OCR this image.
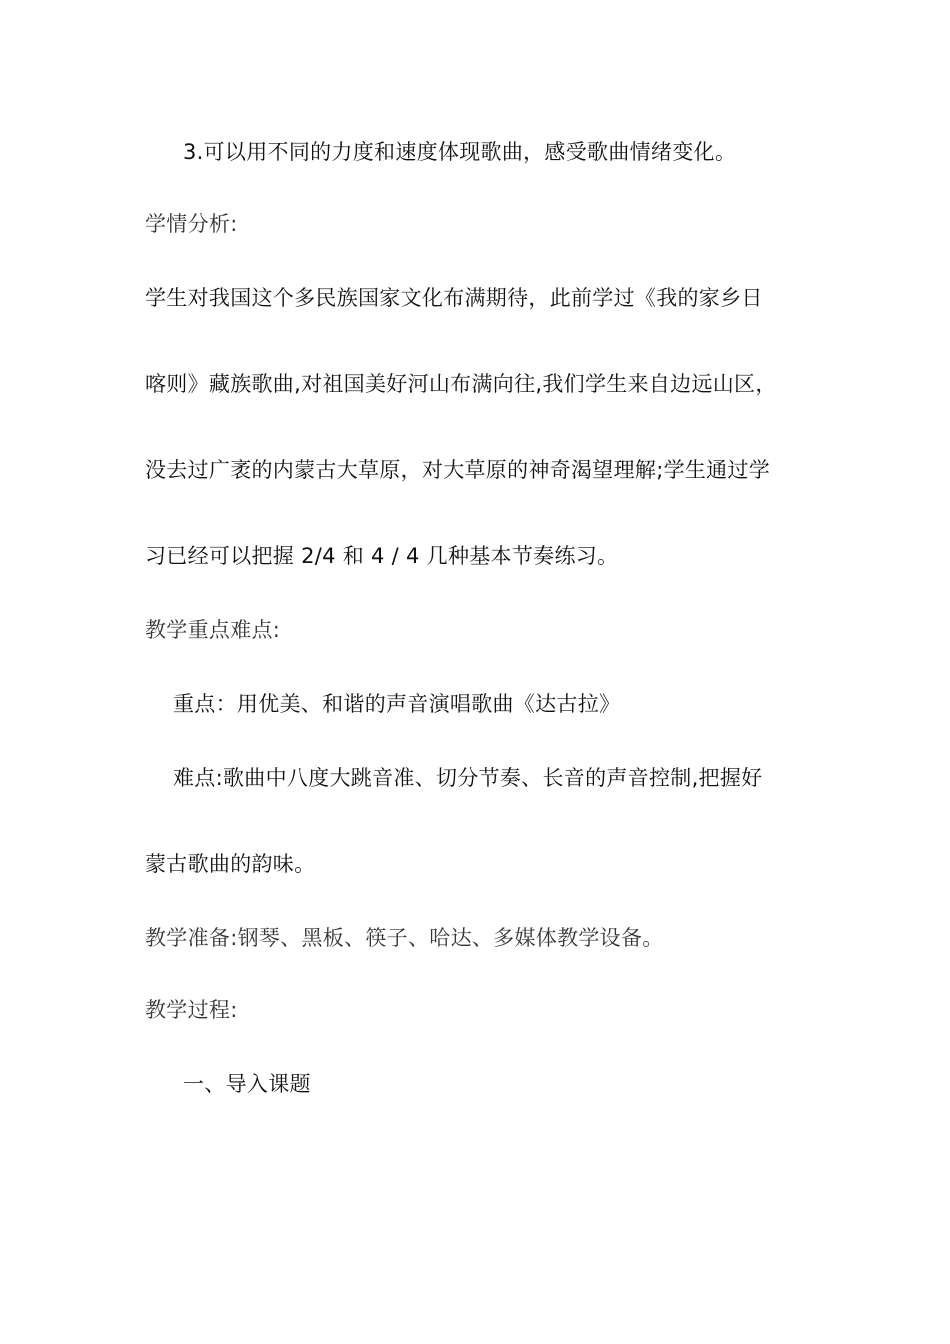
3.可以用不同的力度和速度体现歌曲，感受歌曲情绪变化。
学情分析:
学生对我国这个多民族国家文化布满期待，此前学过《我的家乡日
喀则》藏族歌曲,对祖国美好河山布满向往,我们学生来自边远山区，
没去过广袤的内蒙古大草原，对大草原的神奇渴望理解;学生通过学
习已经可以把握 2/4 和 4 / 4 几种基本节奏练习。
教学重点难点:
重点：用优美、和谐的声音演唱歌曲《达古拉》
难点:歌曲中八度大跳音准、切分节奏、长音的声音控制,把握好
蒙古歌曲的韵味。
教学准备:钢琴、黑板、筷子、哈达、多媒体教学设备。
教学过程:
一、导入课题
